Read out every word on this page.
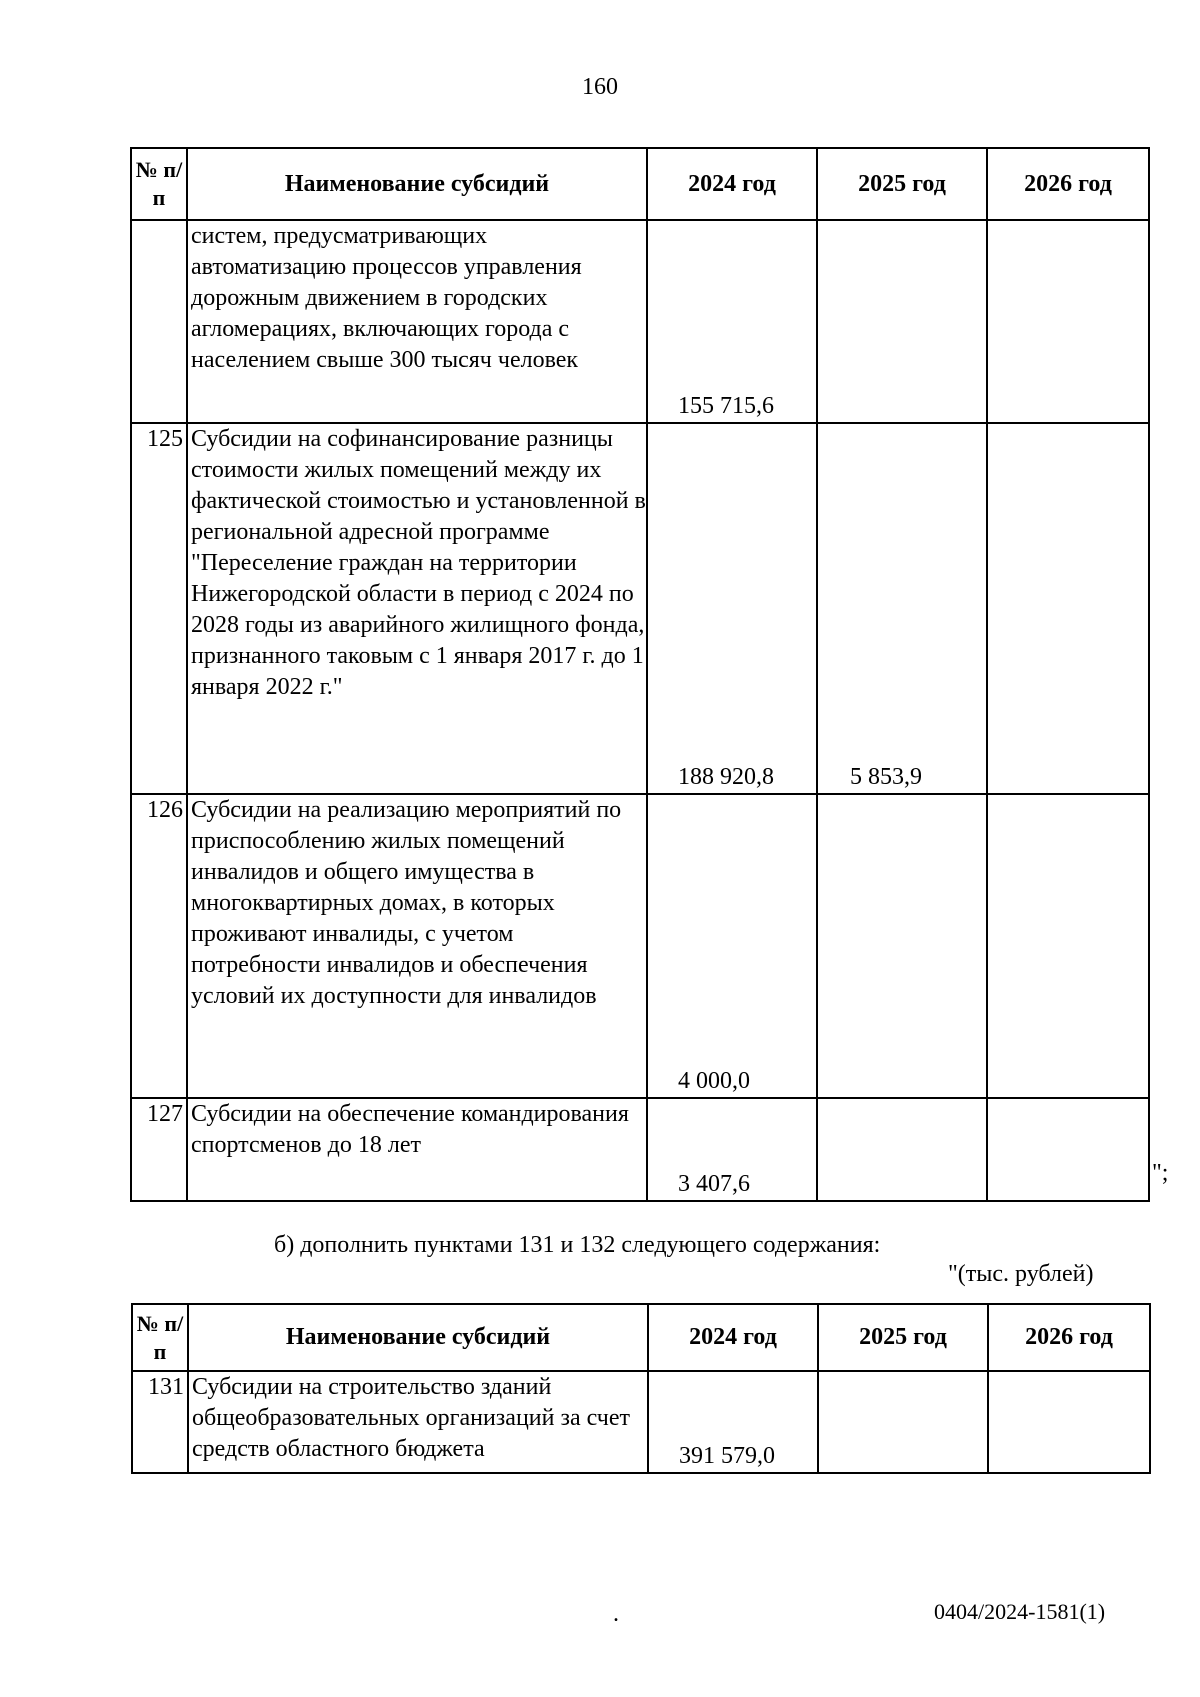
160
№ п/п	Наименование субсидий	2024 год	2025 год	2026 год
	систем, предусматривающих автоматизацию процессов управления дорожным движением в городских агломерациях, включающих города с населением свыше 300 тысяч человек	155 715,6		
125	Субсидии на софинансирование разницы стоимости жилых помещений между их фактической стоимостью и установленной в региональной адресной программе "Переселение граждан на территории Нижегородской области в период с 2024 по 2028 годы из аварийного жилищного фонда, признанного таковым с 1 января 2017 г. до 1 января 2022 г."	188 920,8	5 853,9	
126	Субсидии на реализацию мероприятий по приспособлению жилых помещений инвалидов и общего имущества в многоквартирных домах, в которых проживают инвалиды, с учетом потребности инвалидов и обеспечения условий их доступности для инвалидов	4 000,0		
127	Субсидии на обеспечение командирования спортсменов до 18 лет	3 407,6			";
б) дополнить пунктами 131 и 132 следующего содержания:
"(тыс. рублей)
№ п/п	Наименование субсидий	2024 год	2025 год	2026 год
131	Субсидии на строительство зданий общеобразовательных организаций за счет средств областного бюджета	391 579,0		
.	0404/2024-1581(1)
